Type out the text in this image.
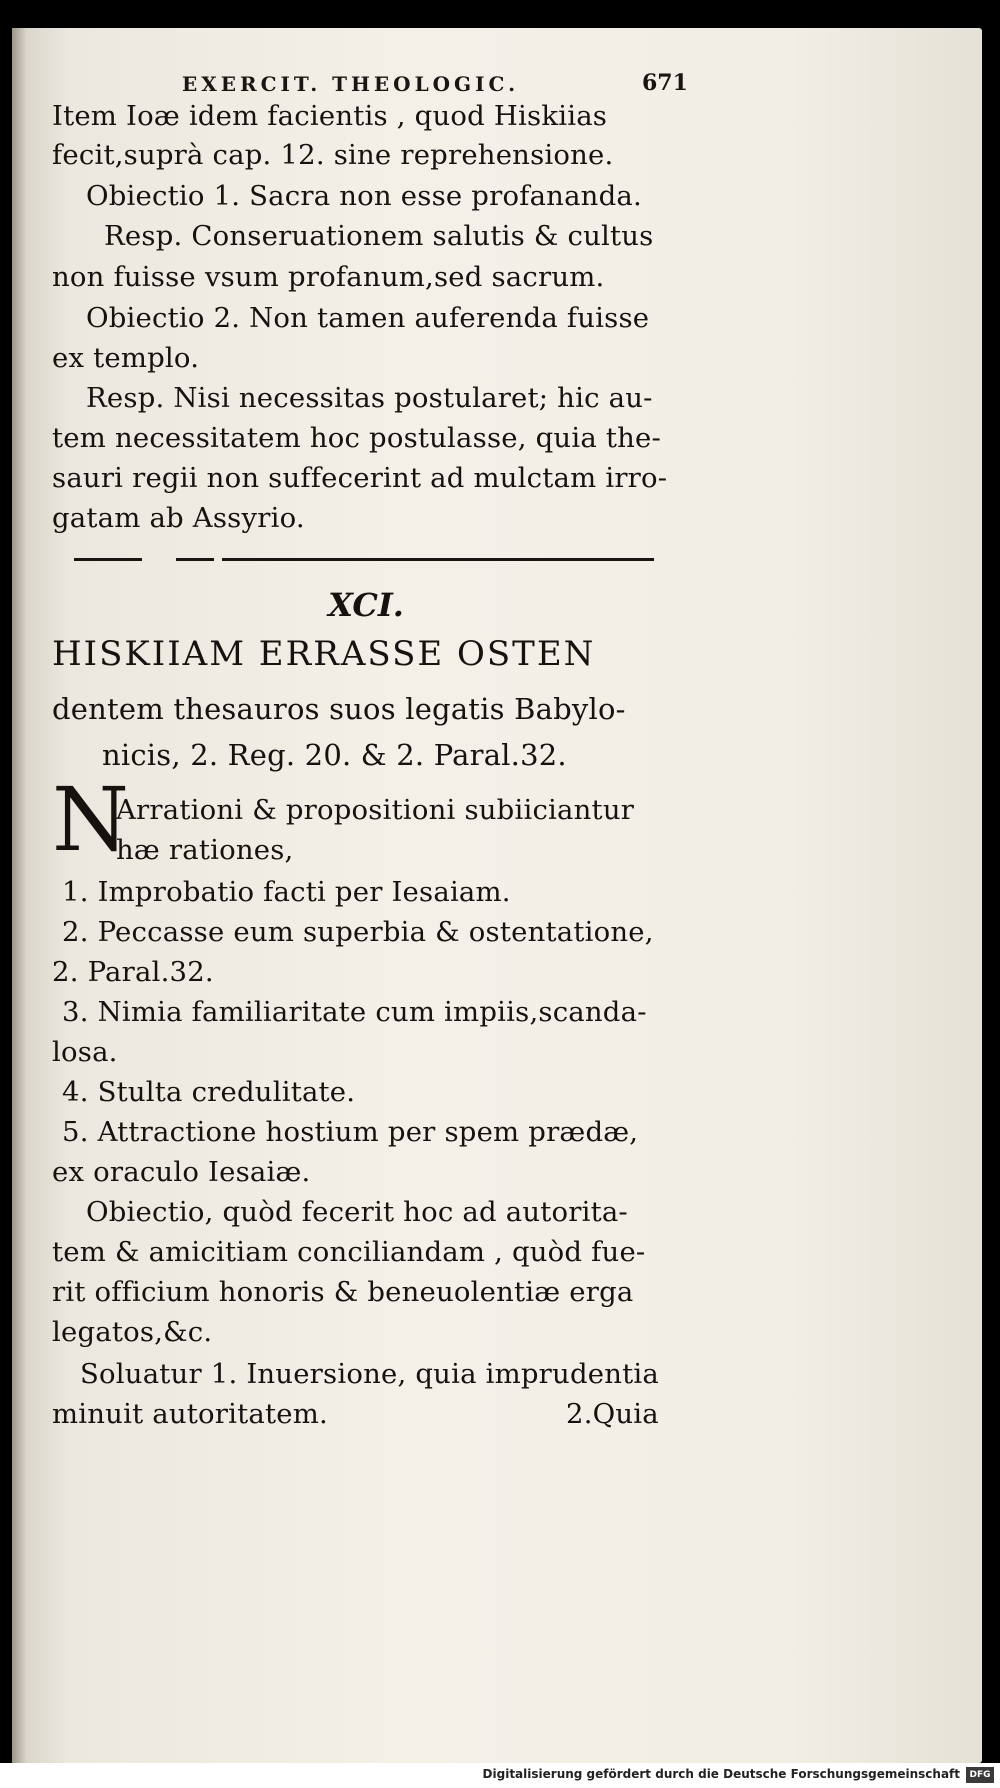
EXERCIT. THEOLOGIC.	671
Item Ioæ idem facientis , quod Hiskiias
fecit,suprà cap. 12. sine reprehensione.
Obiectio 1. Sacra non esse profananda.
Resp. Conseruationem salutis & cultus
non fuisse vsum profanum,sed sacrum.
Obiectio 2. Non tamen auferenda fuisse
ex templo.
Resp. Nisi necessitas postularet; hic au-
tem necessitatem hoc postulasse, quia the-
sauri regii non suffecerint ad mulctam irro-
gatam ab Assyrio.
XCI.
HISKIIAM ERRASSE OSTEN
dentem thesauros suos legatis Babylo-
nicis, 2. Reg. 20. & 2. Paral.32.
N
Arrationi & propositioni subiiciantur
hæ rationes,
1. Improbatio facti per Iesaiam.
2. Peccasse eum superbia & ostentatione,
2. Paral.32.
3. Nimia familiaritate cum impiis,scanda-
losa.
4. Stulta credulitate.
5. Attractione hostium per spem prædæ,
ex oraculo Iesaiæ.
Obiectio, quòd fecerit hoc ad autorita-
tem & amicitiam conciliandam , quòd fue-
rit officium honoris & beneuolentiæ erga
legatos,&c.
Soluatur 1. Inuersione, quia imprudentia
minuit autoritatem.	2.Quia
Digitalisierung gefördert durch die Deutsche Forschungsgemeinschaft	DFG
